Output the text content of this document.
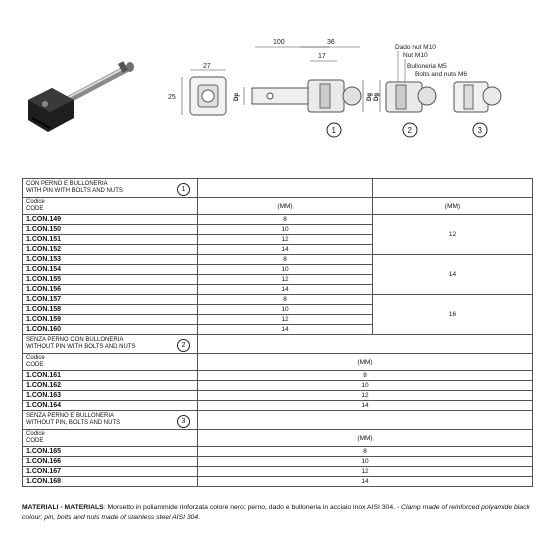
27
25
100	36
17
Dp	Dg
1
Dado nut M10
Nut M10
Bulloneria M5
Bolts and nuts M6
Dg
2	3
CON PERNO E BULLONERIA
WITH PIN WITH BOLTS AND NUTS 1		

Codice
CODE	(MM)	(MM)
1.CON.149	8	12
1.CON.150	10	
1.CON.151	12	
1.CON.152	14	
1.CON.153	8	14
1.CON.154	10	
1.CON.155	12	
1.CON.156	14	
1.CON.157	8	16
1.CON.158	10	
1.CON.159	12	
1.CON.160	14	

SENZA PERNO CON BULLONERIA
WITHOUT PIN WITH BOLTS AND NUTS 2		

Codice
CODE	(MM)	
1.CON.161	8	
1.CON.162	10	
1.CON.163	12	
1.CON.164	14	

SENZA PERNO E BULLONERIA
WITHOUT PIN, BOLTS AND NUTS 3		

Codice
CODE	(MM)	
1.CON.165	8	
1.CON.166	10	
1.CON.167	12	
1.CON.168	14	
MATERIALI - MATERIALS: Morsetto in poliammide rinforzata colore nero; perno, dado e bulloneria in acciaio inox AISI 304. - Clamp made of reinforced polyamide black colour; pin, bolts and nuts made of stainless steel AISI 304.
